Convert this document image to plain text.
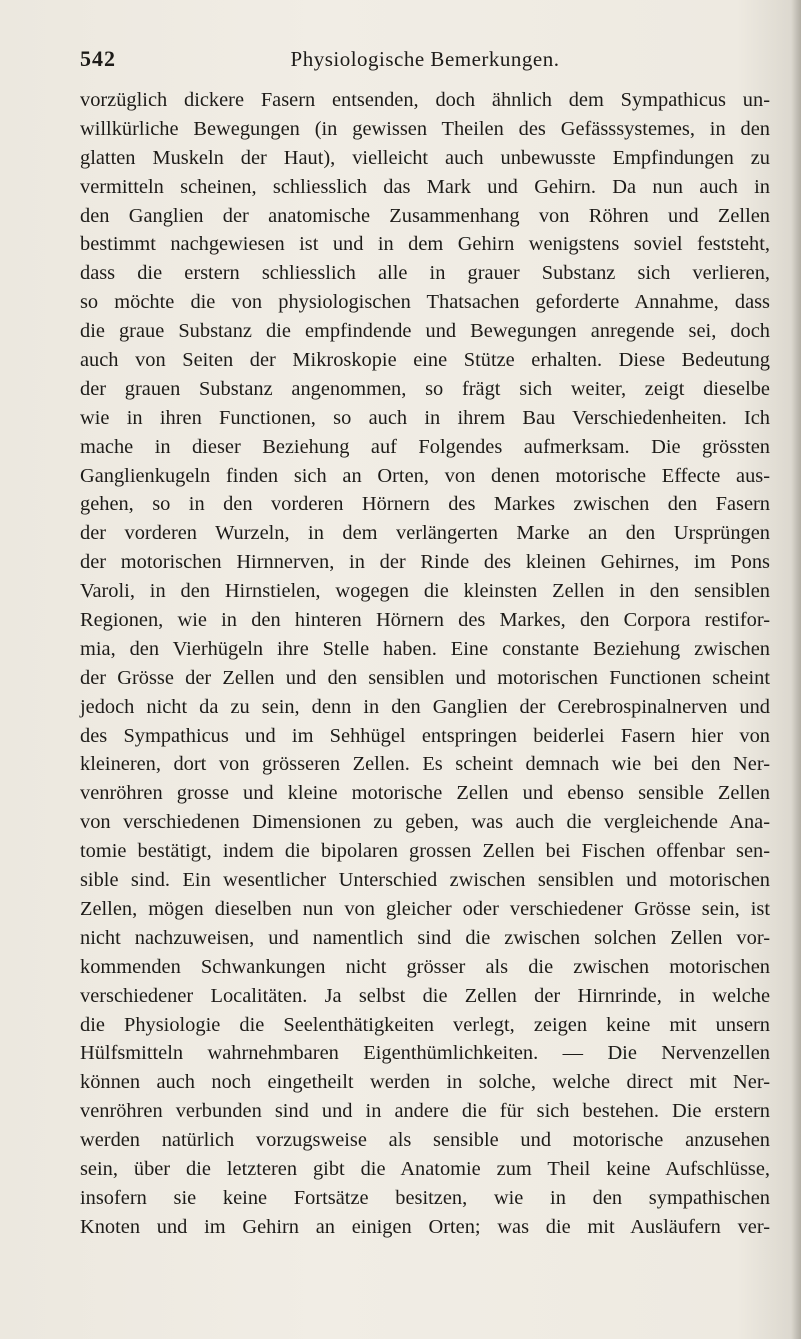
542	Physiologische Bemerkungen.
vorzüglich dickere Fasern entsenden, doch ähnlich dem Sympathicus un-
willkürliche Bewegungen (in gewissen Theilen des Gefässsystemes, in den
glatten Muskeln der Haut), vielleicht auch unbewusste Empfindungen zu
vermitteln scheinen, schliesslich das Mark und Gehirn. Da nun auch in
den Ganglien der anatomische Zusammenhang von Röhren und Zellen
bestimmt nachgewiesen ist und in dem Gehirn wenigstens soviel feststeht,
dass die erstern schliesslich alle in grauer Substanz sich verlieren,
so möchte die von physiologischen Thatsachen geforderte Annahme, dass
die graue Substanz die empfindende und Bewegungen anregende sei, doch
auch von Seiten der Mikroskopie eine Stütze erhalten. Diese Bedeutung
der grauen Substanz angenommen, so frägt sich weiter, zeigt dieselbe
wie in ihren Functionen, so auch in ihrem Bau Verschiedenheiten. Ich
mache in dieser Beziehung auf Folgendes aufmerksam. Die grössten
Ganglienkugeln finden sich an Orten, von denen motorische Effecte aus-
gehen, so in den vorderen Hörnern des Markes zwischen den Fasern
der vorderen Wurzeln, in dem verlängerten Marke an den Ursprüngen
der motorischen Hirnnerven, in der Rinde des kleinen Gehirnes, im Pons
Varoli, in den Hirnstielen, wogegen die kleinsten Zellen in den sensiblen
Regionen, wie in den hinteren Hörnern des Markes, den Corpora restifor-
mia, den Vierhügeln ihre Stelle haben. Eine constante Beziehung zwischen
der Grösse der Zellen und den sensiblen und motorischen Functionen scheint
jedoch nicht da zu sein, denn in den Ganglien der Cerebrospinalnerven und
des Sympathicus und im Sehhügel entspringen beiderlei Fasern hier von
kleineren, dort von grösseren Zellen. Es scheint demnach wie bei den Ner-
venröhren grosse und kleine motorische Zellen und ebenso sensible Zellen
von verschiedenen Dimensionen zu geben, was auch die vergleichende Ana-
tomie bestätigt, indem die bipolaren grossen Zellen bei Fischen offenbar sen-
sible sind. Ein wesentlicher Unterschied zwischen sensiblen und motorischen
Zellen, mögen dieselben nun von gleicher oder verschiedener Grösse sein, ist
nicht nachzuweisen, und namentlich sind die zwischen solchen Zellen vor-
kommenden Schwankungen nicht grösser als die zwischen motorischen
verschiedener Localitäten. Ja selbst die Zellen der Hirnrinde, in welche
die Physiologie die Seelenthätigkeiten verlegt, zeigen keine mit unsern
Hülfsmitteln wahrnehmbaren Eigenthümlichkeiten. — Die Nervenzellen
können auch noch eingetheilt werden in solche, welche direct mit Ner-
venröhren verbunden sind und in andere die für sich bestehen. Die erstern
werden natürlich vorzugsweise als sensible und motorische anzusehen
sein, über die letzteren gibt die Anatomie zum Theil keine Aufschlüsse,
insofern sie keine Fortsätze besitzen, wie in den sympathischen
Knoten und im Gehirn an einigen Orten; was die mit Ausläufern ver-
